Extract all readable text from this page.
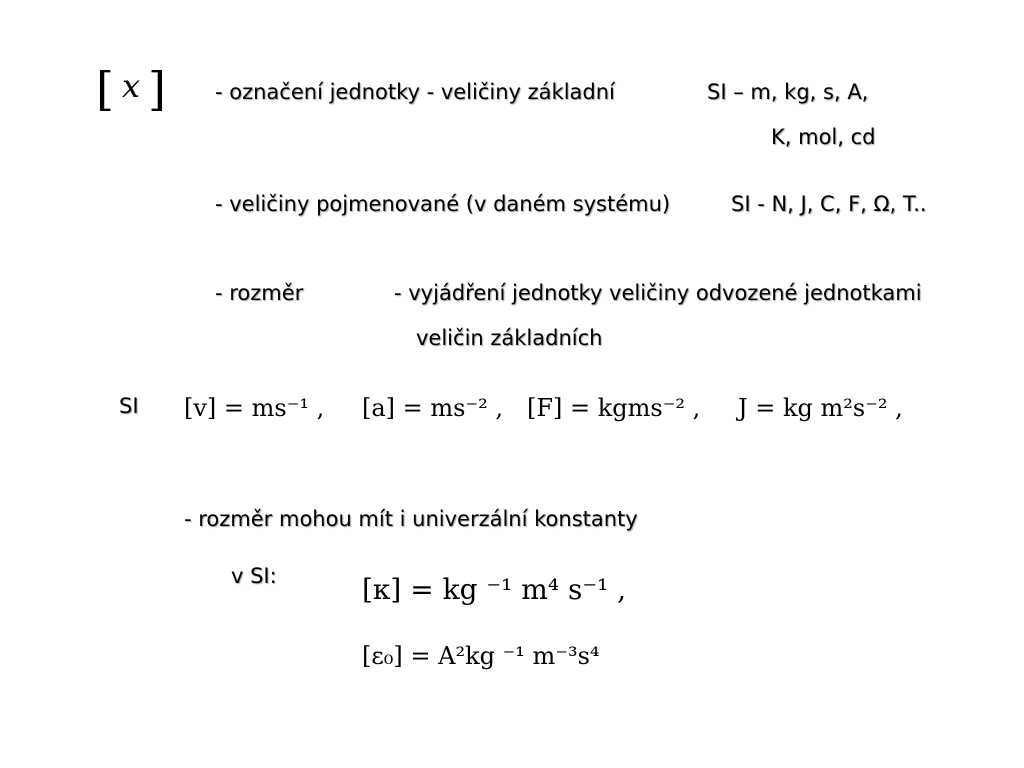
[ x ] - označení jednotky - veličiny základní	SI – m, kg, s, A,
K, mol, cd
- veličiny pojmenované (v daném systému)	SI - N, J, C, F, Ω, T..
- rozměr	- vyjádření jednotky veličiny odvozené jednotkami
veličin základních
SI [v] = ms⁻¹ , [a] = ms⁻² , [F] = kgms⁻² , J = kg m²s⁻² ,
- rozměr mohou mít i univerzální konstanty
v SI:	[κ] = kg ⁻¹ m⁴ s⁻¹ ,
[ε₀] = A²kg ⁻¹ m⁻³s⁴
